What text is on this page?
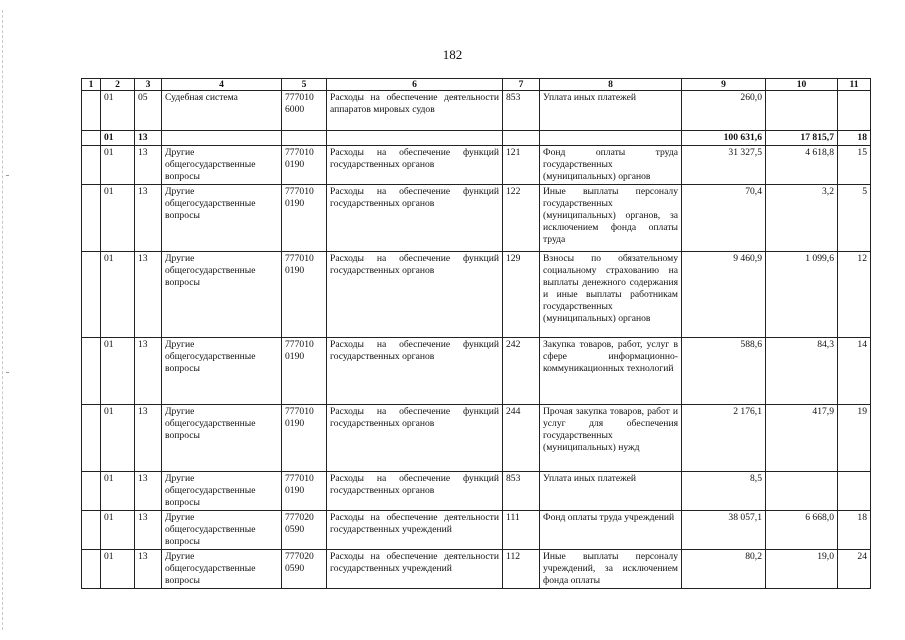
182
1	2	3	4	5	6	7	8	9	10	11
	01	05	Судебная система	777010 6000	Расходы на обеспечение деятельности аппаратов мировых судов	853	Уплата иных платежей	260,0		
	01	13						100 631,6	17 815,7	18
	01	13	Другие общегосударственные вопросы	777010 0190	Расходы на обеспечение функций государственных органов	121	Фонд оплаты труда государственных (муниципальных) органов	31 327,5	4 618,8	15
	01	13	Другие общегосударственные вопросы	777010 0190	Расходы на обеспечение функций государственных органов	122	Иные выплаты персоналу государственных (муниципальных) органов, за исключением фонда оплаты труда	70,4	3,2	5
	01	13	Другие общегосударственные вопросы	777010 0190	Расходы на обеспечение функций государственных органов	129	Взносы по обязательному социальному страхованию на выплаты денежного содержания и иные выплаты работникам государственных (муниципальных) органов	9 460,9	1 099,6	12
	01	13	Другие общегосударственные вопросы	777010 0190	Расходы на обеспечение функций государственных органов	242	Закупка товаров, работ, услуг в сфере информационно-коммуникационных технологий	588,6	84,3	14
	01	13	Другие общегосударственные вопросы	777010 0190	Расходы на обеспечение функций государственных органов	244	Прочая закупка товаров, работ и услуг для обеспечения государственных (муниципальных) нужд	2 176,1	417,9	19
	01	13	Другие общегосударственные вопросы	777010 0190	Расходы на обеспечение функций государственных органов	853	Уплата иных платежей	8,5		
	01	13	Другие общегосударственные вопросы	777020 0590	Расходы на обеспечение деятельности государственных учреждений	111	Фонд оплаты труда учреждений	38 057,1	6 668,0	18
	01	13	Другие общегосударственные вопросы	777020 0590	Расходы на обеспечение деятельности государственных учреждений	112	Иные выплаты персоналу учреждений, за исключением фонда оплаты	80,2	19,0	24
